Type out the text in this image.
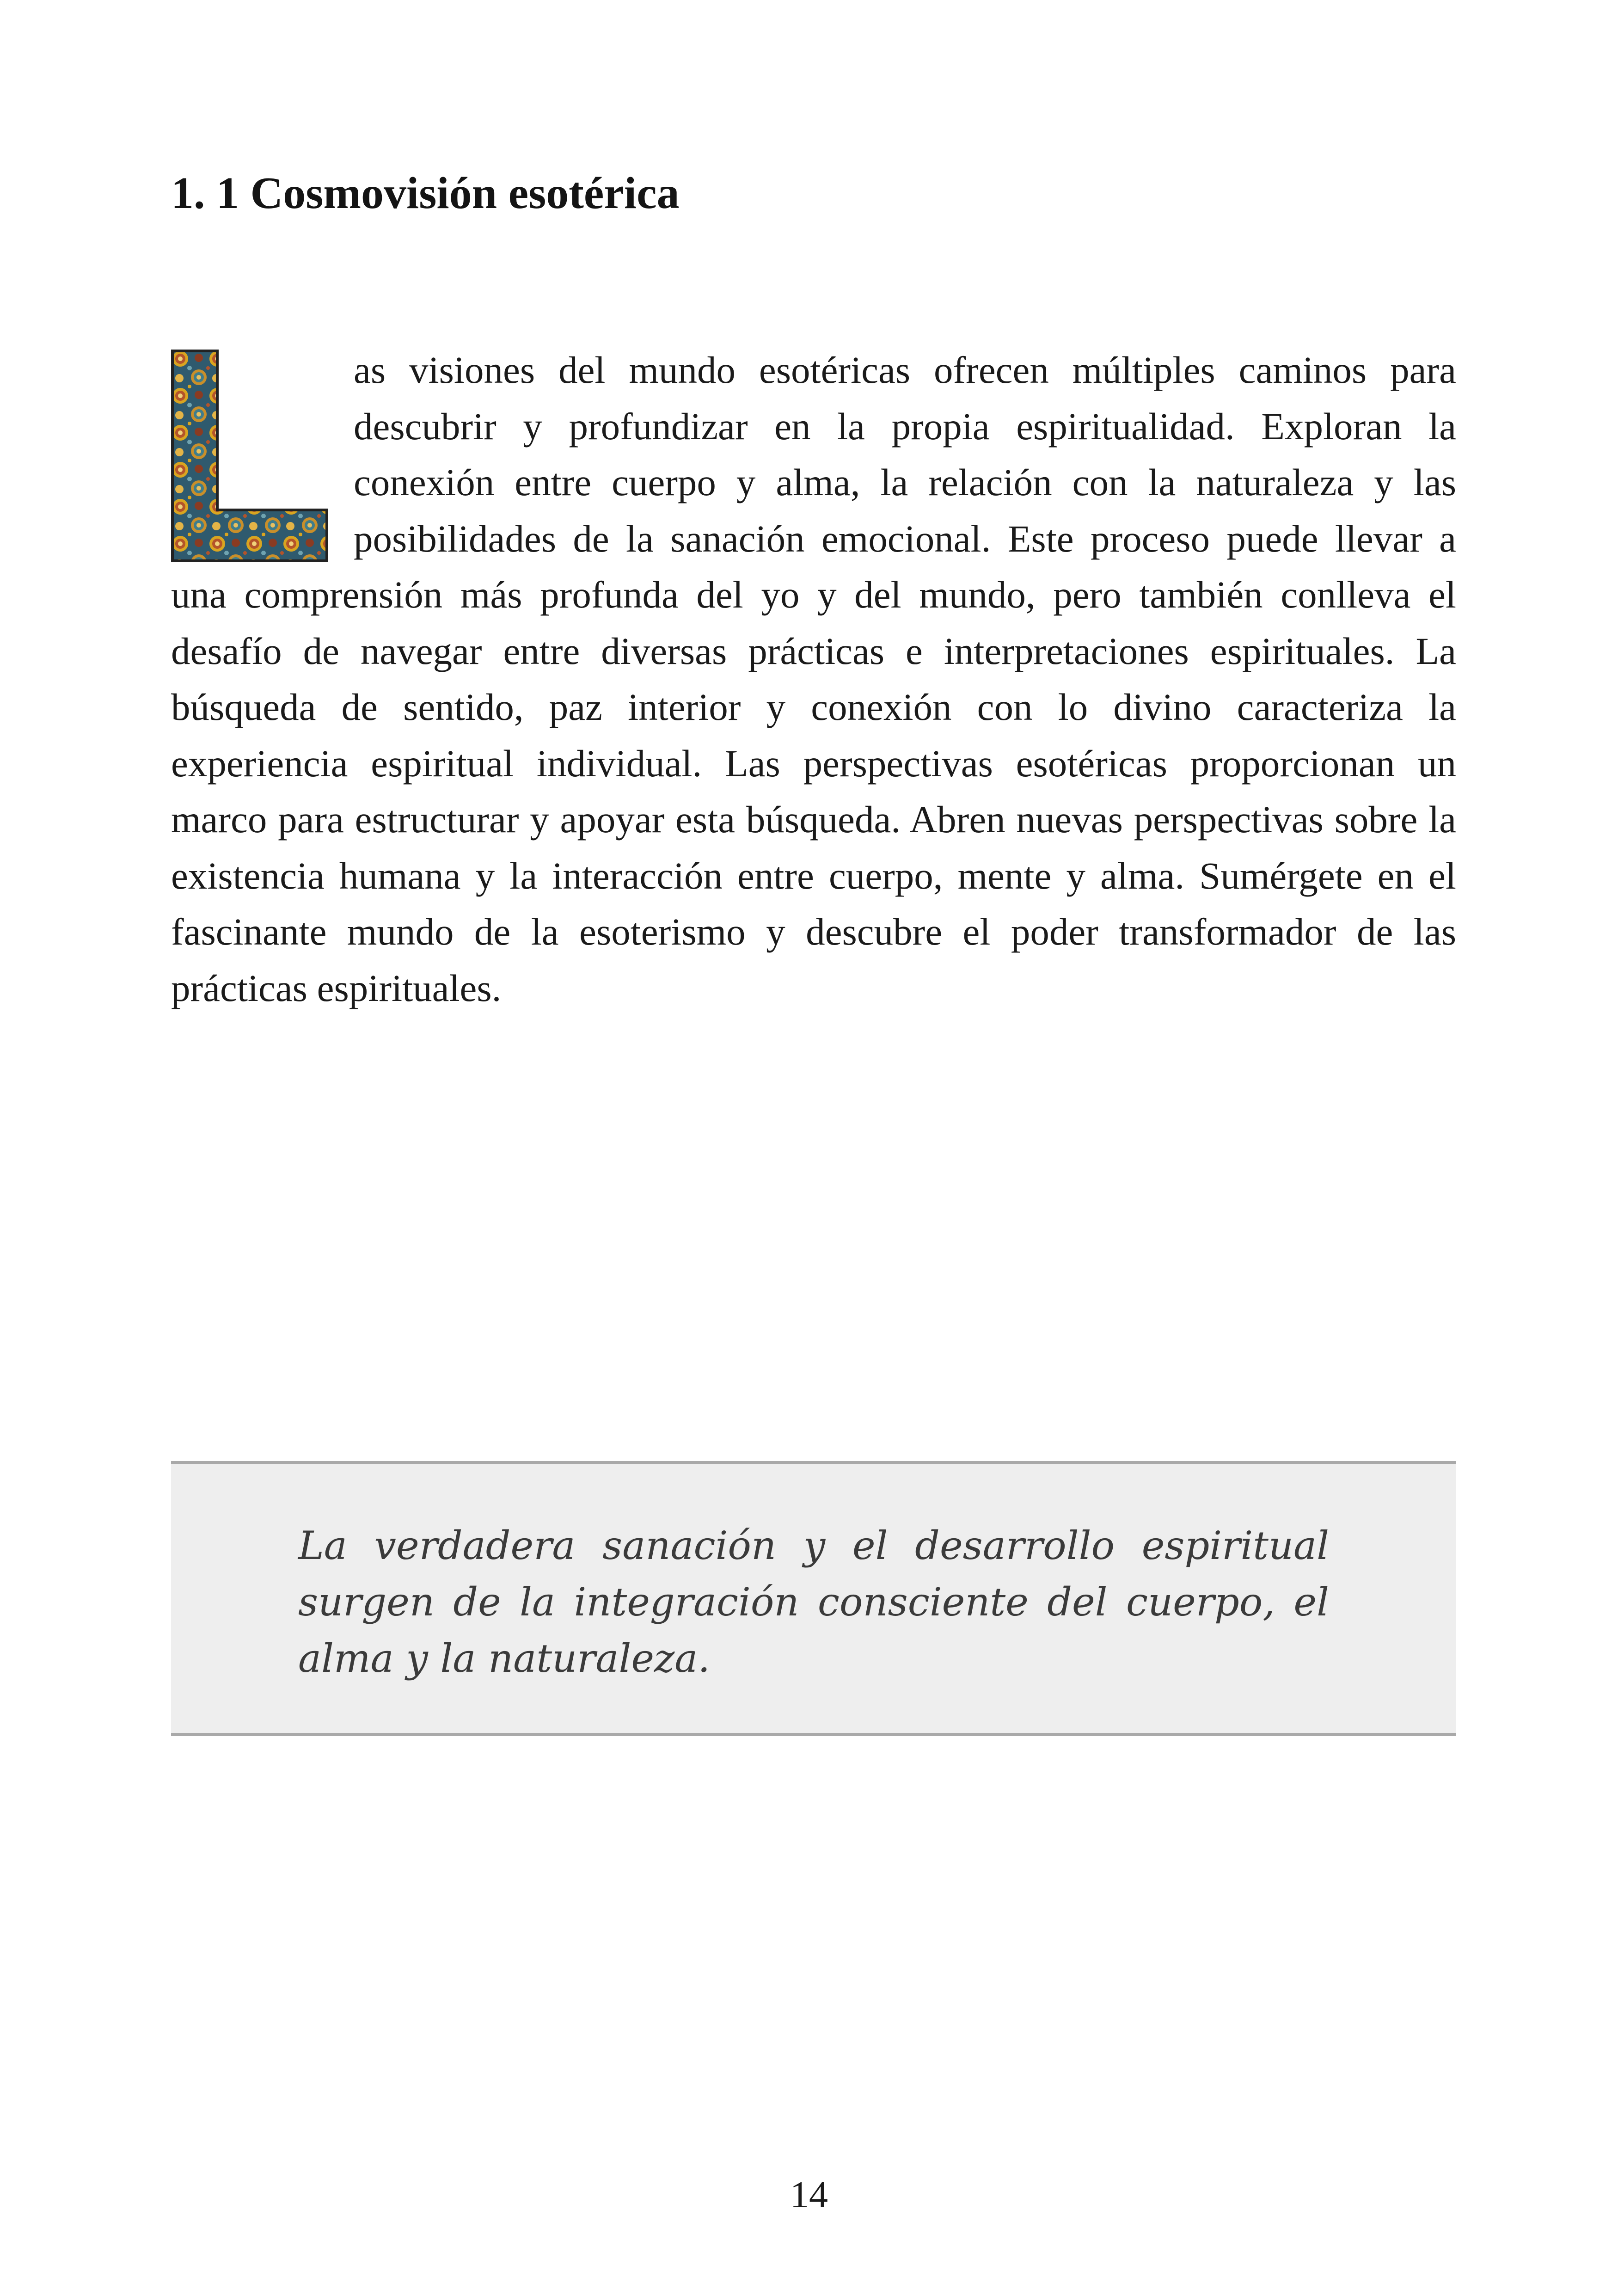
1. 1 Cosmovisión esotérica

as visiones del mundo esotéricas ofrecen múltiples caminos para descubrir y profundizar en la propia espiritualidad. Exploran la conexión entre cuerpo y alma, la relación con la naturaleza y las posibilidades de la sanación emocional. Este proceso puede llevar a una comprensión más profunda del yo y del mundo, pero también conlleva el desafío de navegar entre diversas prácticas e interpretaciones espirituales. La búsqueda de sentido, paz interior y conexión con lo divino caracteriza la experiencia espiritual individual. Las perspectivas esotéricas proporcionan un marco para estructurar y apoyar esta búsqueda. Abren nuevas perspectivas sobre la existencia humana y la interacción entre cuerpo, mente y alma. Sumérgete en el fascinante mundo de la esoterismo y descubre el poder transformador de las prácticas espirituales.

La verdadera sanación y el desarrollo espiritual surgen de la integración consciente del cuerpo, el alma y la naturaleza.

14
